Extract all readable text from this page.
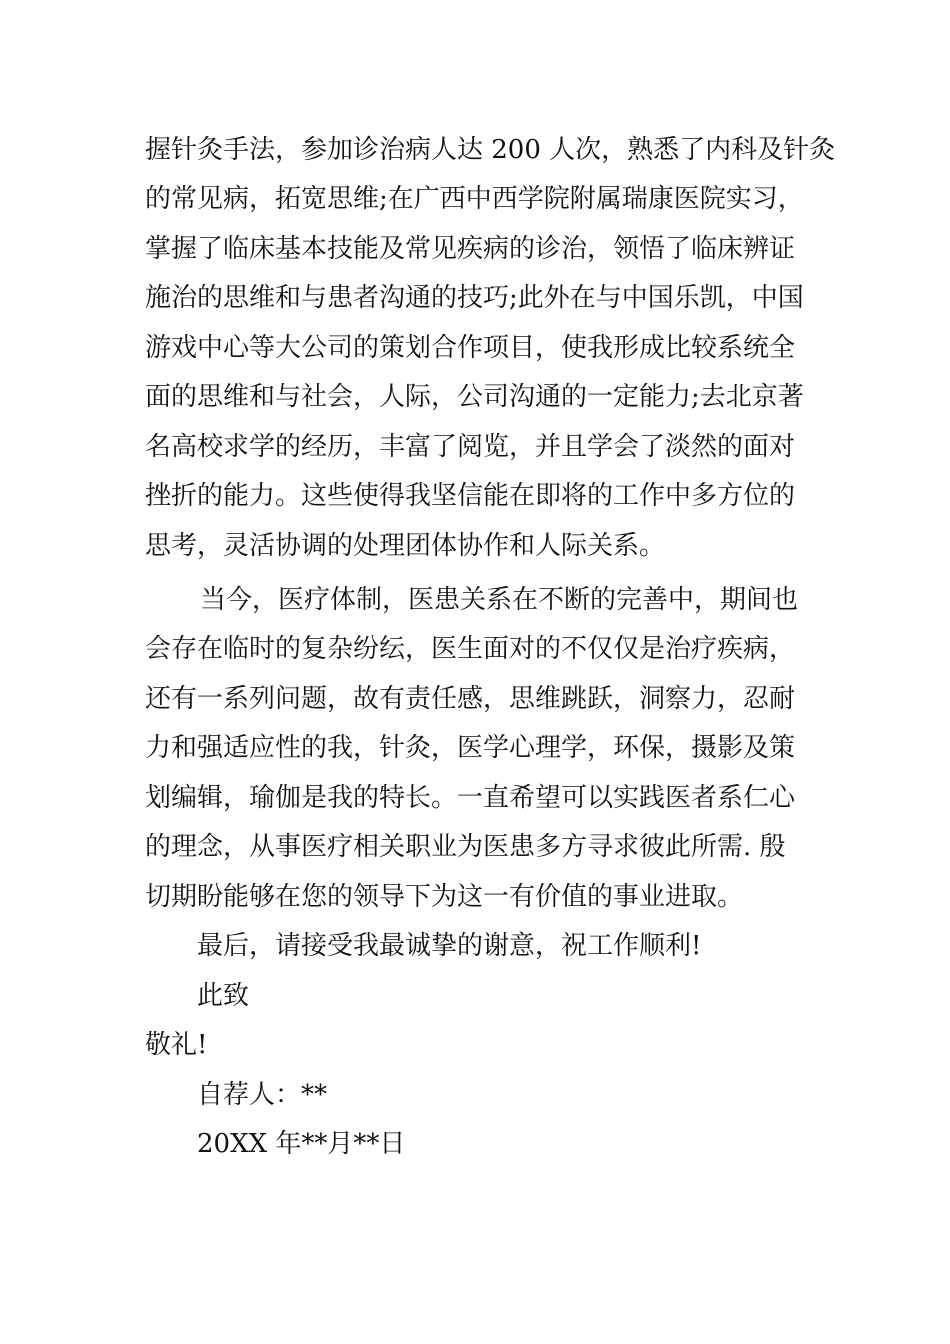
握针灸手法，参加诊治病人达 200 人次，熟悉了内科及针灸
的常见病，拓宽思维;在广西中西学院附属瑞康医院实习，
掌握了临床基本技能及常见疾病的诊治，领悟了临床辨证
施治的思维和与患者沟通的技巧;此外在与中国乐凯，中国
游戏中心等大公司的策划合作项目，使我形成比较系统全
面的思维和与社会，人际，公司沟通的一定能力;去北京著
名高校求学的经历，丰富了阅览，并且学会了淡然的面对
挫折的能力。这些使得我坚信能在即将的工作中多方位的
思考，灵活协调的处理团体协作和人际关系。
当今，医疗体制，医患关系在不断的完善中，期间也
会存在临时的复杂纷纭，医生面对的不仅仅是治疗疾病，
还有一系列问题，故有责任感，思维跳跃，洞察力，忍耐
力和强适应性的我，针灸，医学心理学，环保，摄影及策
划编辑，瑜伽是我的特长。一直希望可以实践医者系仁心
的理念，从事医疗相关职业为医患多方寻求彼此所需. 殷
切期盼能够在您的领导下为这一有价值的事业进取。
最后，请接受我最诚挚的谢意，祝工作顺利!
此致
敬礼!
自荐人：**
20XX 年**月**日
